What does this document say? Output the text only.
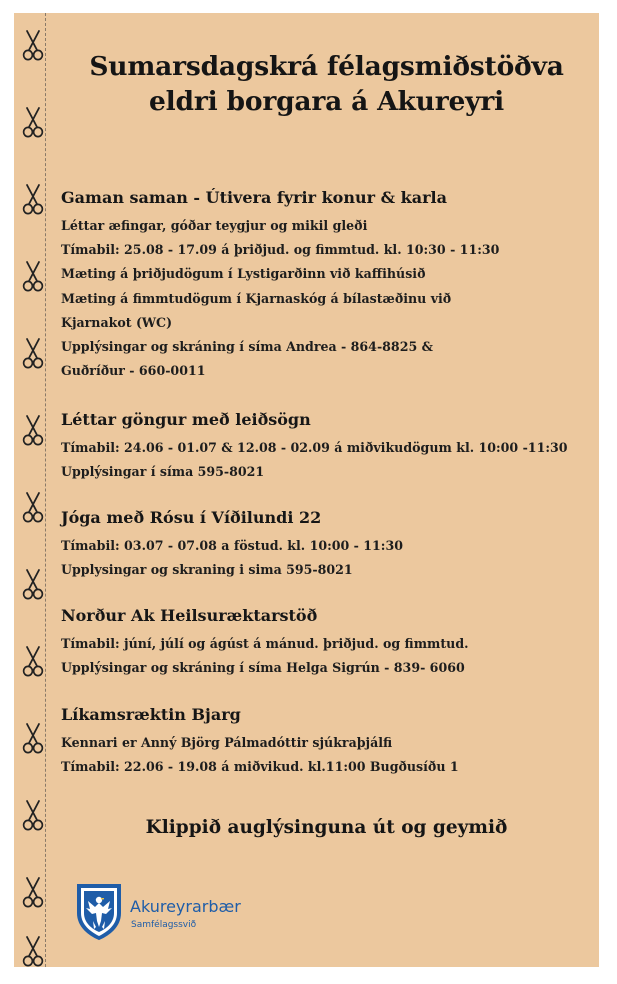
Sumarsdagskrá félagsmiðstöðva
eldri borgara á Akureyri
Gaman saman - Útivera fyrir konur & karla
Léttar æfingar, góðar teygjur og mikil gleði
Tímabil: 25.08 - 17.09 á þriðjud. og fimmtud. kl. 10:30 - 11:30
Mæting á þriðjudögum í Lystigarðinn við kaffihúsið
Mæting á fimmtudögum í Kjarnaskóg á bílastæðinu við
Kjarnakot (WC)
Upplýsingar og skráning í síma Andrea - 864-8825 &
Guðríður - 660-0011
Léttar göngur með leiðsögn
Tímabil: 24.06 - 01.07 & 12.08 - 02.09 á miðvikudögum kl. 10:00 -11:30
Upplýsingar í síma 595-8021
Jóga með Rósu í Víðilundi 22
Tímabil: 03.07 - 07.08 a föstud. kl. 10:00 - 11:30
Upplysingar og skraning i sima 595-8021
Norður Ak Heilsuræktarstöð
Tímabil: júní, júlí og ágúst á mánud. þriðjud. og fimmtud.
Upplýsingar og skráning í síma Helga Sigrún - 839- 6060
Líkamsræktin Bjarg
Kennari er Anný Björg Pálmadóttir sjúkraþjálfi
Tímabil: 22.06 - 19.08 á miðvikud. kl.11:00 Bugðusíðu 1
Klippið auglýsinguna út og geymið
Akureyrarbær
Samfélagssvið
